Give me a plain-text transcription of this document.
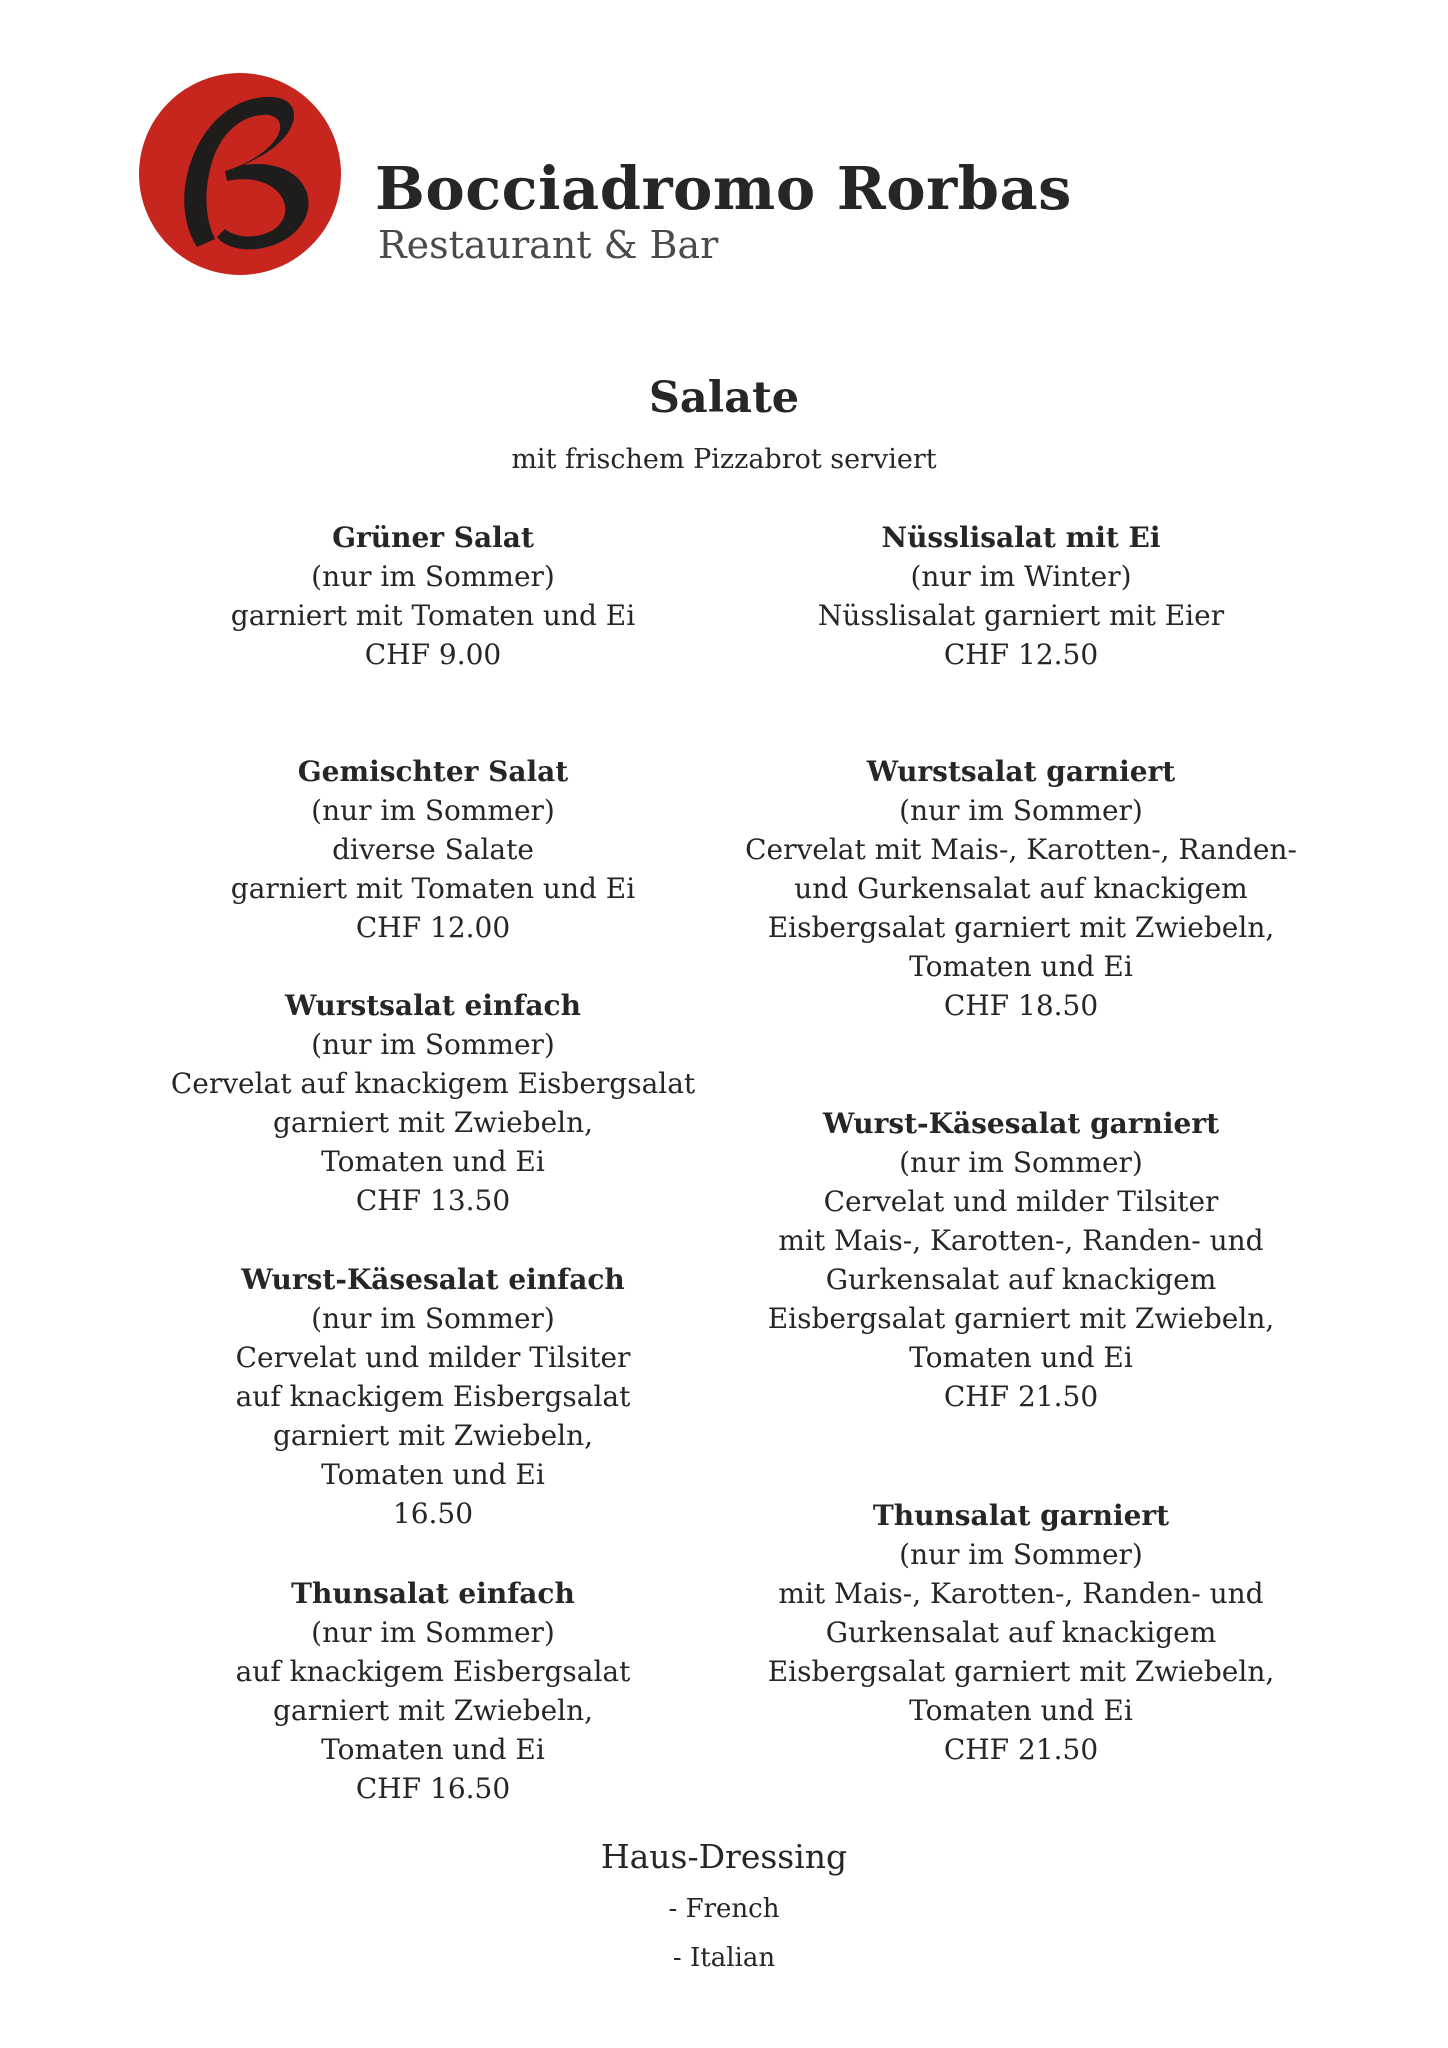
B
Bocciadromo Rorbas
Restaurant & Bar
Salate
mit frischem Pizzabrot serviert
Grüner Salat
(nur im Sommer)
garniert mit Tomaten und Ei
CHF 9.00
Gemischter Salat
(nur im Sommer)
diverse Salate
garniert mit Tomaten und Ei
CHF 12.00
Wurstsalat einfach
(nur im Sommer)
Cervelat auf knackigem Eisbergsalat
garniert mit Zwiebeln,
Tomaten und Ei
CHF 13.50
Wurst-Käsesalat einfach
(nur im Sommer)
Cervelat und milder Tilsiter
auf knackigem Eisbergsalat
garniert mit Zwiebeln,
Tomaten und Ei
16.50
Thunsalat einfach
(nur im Sommer)
auf knackigem Eisbergsalat
garniert mit Zwiebeln,
Tomaten und Ei
CHF 16.50
Nüsslisalat mit Ei
(nur im Winter)
Nüsslisalat garniert mit Eier
CHF 12.50
Wurstsalat garniert
(nur im Sommer)
Cervelat mit Mais-, Karotten-, Randen-
und Gurkensalat auf knackigem
Eisbergsalat garniert mit Zwiebeln,
Tomaten und Ei
CHF 18.50
Wurst-Käsesalat garniert
(nur im Sommer)
Cervelat und milder Tilsiter
mit Mais-, Karotten-, Randen- und
Gurkensalat auf knackigem
Eisbergsalat garniert mit Zwiebeln,
Tomaten und Ei
CHF 21.50
Thunsalat garniert
(nur im Sommer)
mit Mais-, Karotten-, Randen- und
Gurkensalat auf knackigem
Eisbergsalat garniert mit Zwiebeln,
Tomaten und Ei
CHF 21.50
Haus-Dressing
- French
- Italian
